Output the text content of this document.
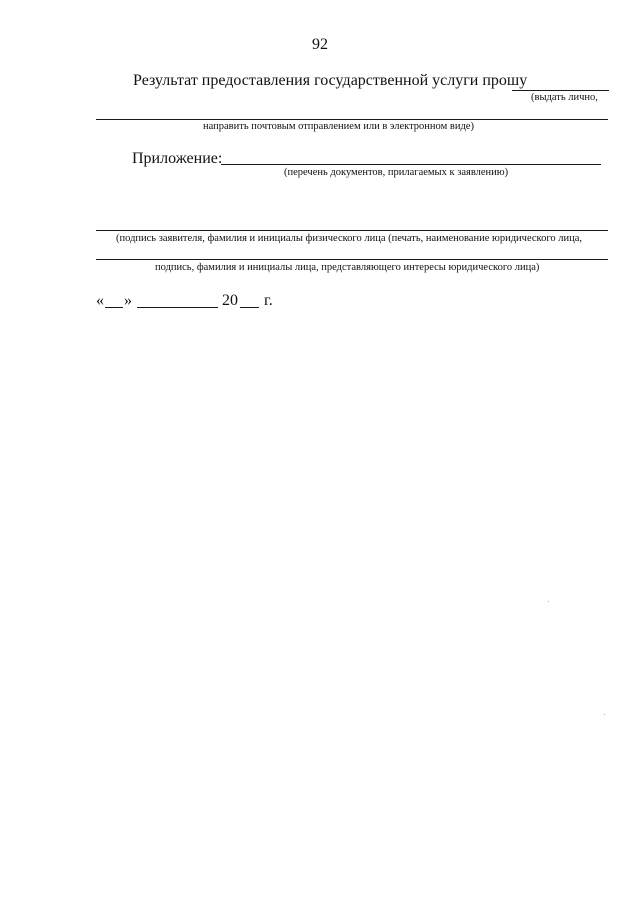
92
Результат предоставления государственной услуги прошу
(выдать лично,
направить почтовым отправлением или в электронном виде)
Приложение:
(перечень документов, прилагаемых к заявлению)
(подпись заявителя, фамилия и инициалы физического лица (печать, наименование юридического лица,
подпись, фамилия и инициалы лица, представляющего интересы юридического лица)
« »	20 г.
